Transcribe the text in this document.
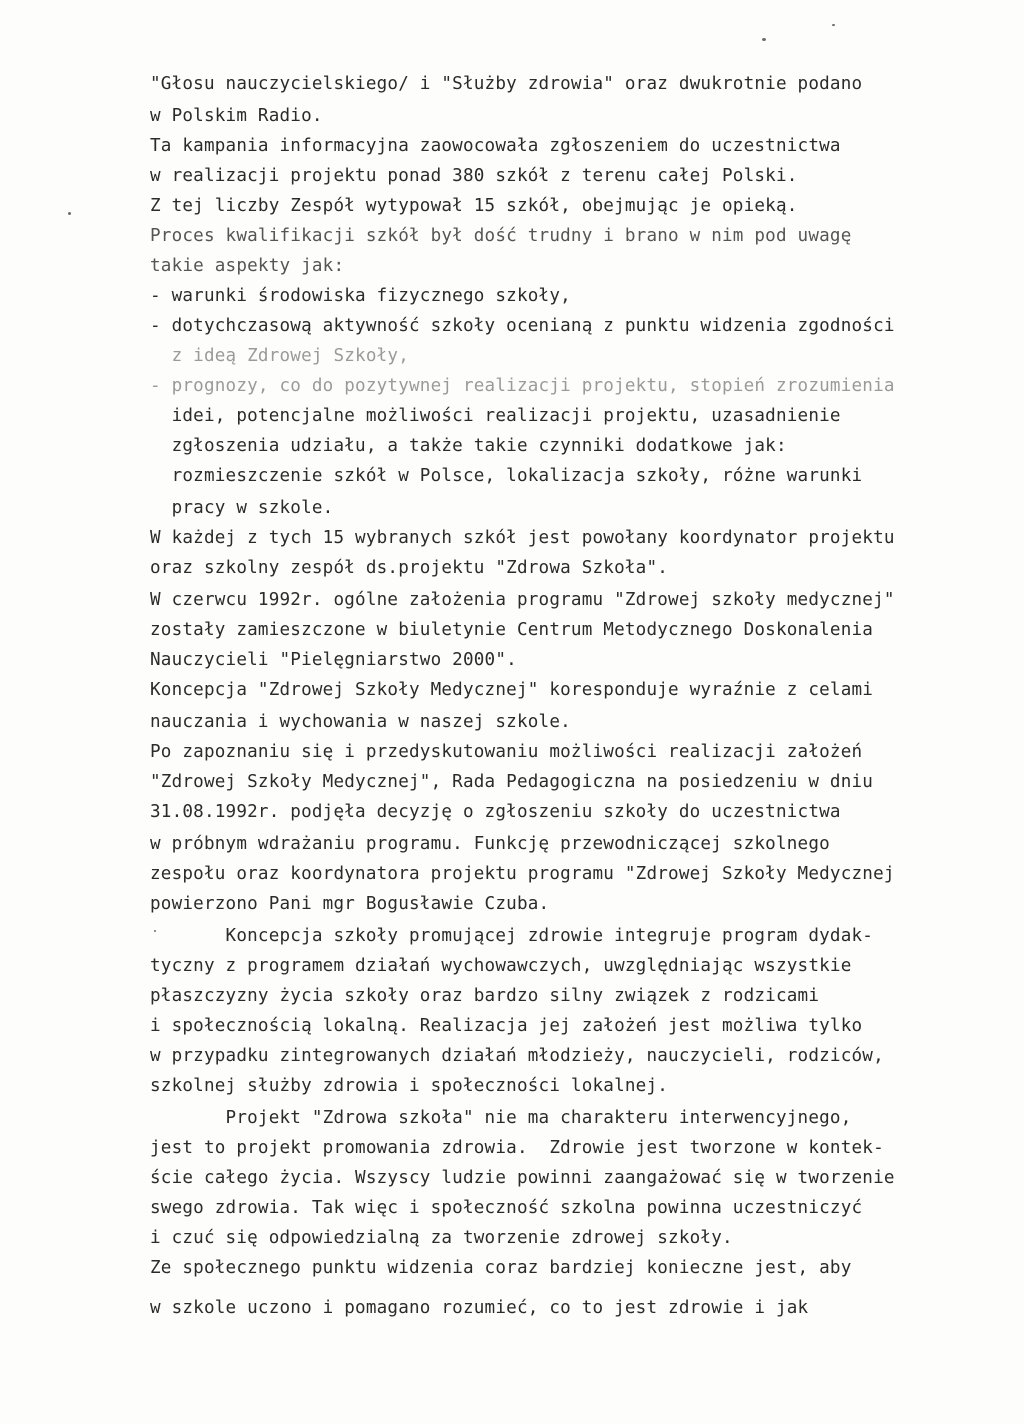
"Głosu nauczycielskiego/ i "Służby zdrowia" oraz dwukrotnie podano
w Polskim Radio.
Ta kampania informacyjna zaowocowała zgłoszeniem do uczestnictwa
w realizacji projektu ponad 380 szkół z terenu całej Polski.
Z tej liczby Zespół wytypował 15 szkół, obejmując je opieką.
Proces kwalifikacji szkół był dość trudny i brano w nim pod uwagę
takie aspekty jak:
- warunki środowiska fizycznego szkoły,
- dotychczasową aktywność szkoły ocenianą z punktu widzenia zgodności
z ideą Zdrowej Szkoły,
- prognozy, co do pozytywnej realizacji projektu, stopień zrozumienia
idei, potencjalne możliwości realizacji projektu, uzasadnienie
zgłoszenia udziału, a także takie czynniki dodatkowe jak:
rozmieszczenie szkół w Polsce, lokalizacja szkoły, różne warunki
pracy w szkole.
W każdej z tych 15 wybranych szkół jest powołany koordynator projektu
oraz szkolny zespół ds.projektu "Zdrowa Szkoła".
W czerwcu 1992r. ogólne założenia programu "Zdrowej szkoły medycznej"
zostały zamieszczone w biuletynie Centrum Metodycznego Doskonalenia
Nauczycieli "Pielęgniarstwo 2000".
Koncepcja "Zdrowej Szkoły Medycznej" koresponduje wyraźnie z celami
nauczania i wychowania w naszej szkole.
Po zapoznaniu się i przedyskutowaniu możliwości realizacji założeń
"Zdrowej Szkoły Medycznej", Rada Pedagogiczna na posiedzeniu w dniu
31.08.1992r. podjęła decyzję o zgłoszeniu szkoły do uczestnictwa
w próbnym wdrażaniu programu. Funkcję przewodniczącej szkolnego
zespołu oraz koordynatora projektu programu "Zdrowej Szkoły Medycznej
powierzono Pani mgr Bogusławie Czuba.
Koncepcja szkoły promującej zdrowie integruje program dydak-
tyczny z programem działań wychowawczych, uwzględniając wszystkie
płaszczyzny życia szkoły oraz bardzo silny związek z rodzicami
i społecznością lokalną. Realizacja jej założeń jest możliwa tylko
w przypadku zintegrowanych działań młodzieży, nauczycieli, rodziców,
szkolnej służby zdrowia i społeczności lokalnej.
Projekt "Zdrowa szkoła" nie ma charakteru interwencyjnego,
jest to projekt promowania zdrowia.  Zdrowie jest tworzone w kontek-
ście całego życia. Wszyscy ludzie powinni zaangażować się w tworzenie
swego zdrowia. Tak więc i społeczność szkolna powinna uczestniczyć
i czuć się odpowiedzialną za tworzenie zdrowej szkoły.
Ze społecznego punktu widzenia coraz bardziej konieczne jest, aby
w szkole uczono i pomagano rozumieć, co to jest zdrowie i jak
